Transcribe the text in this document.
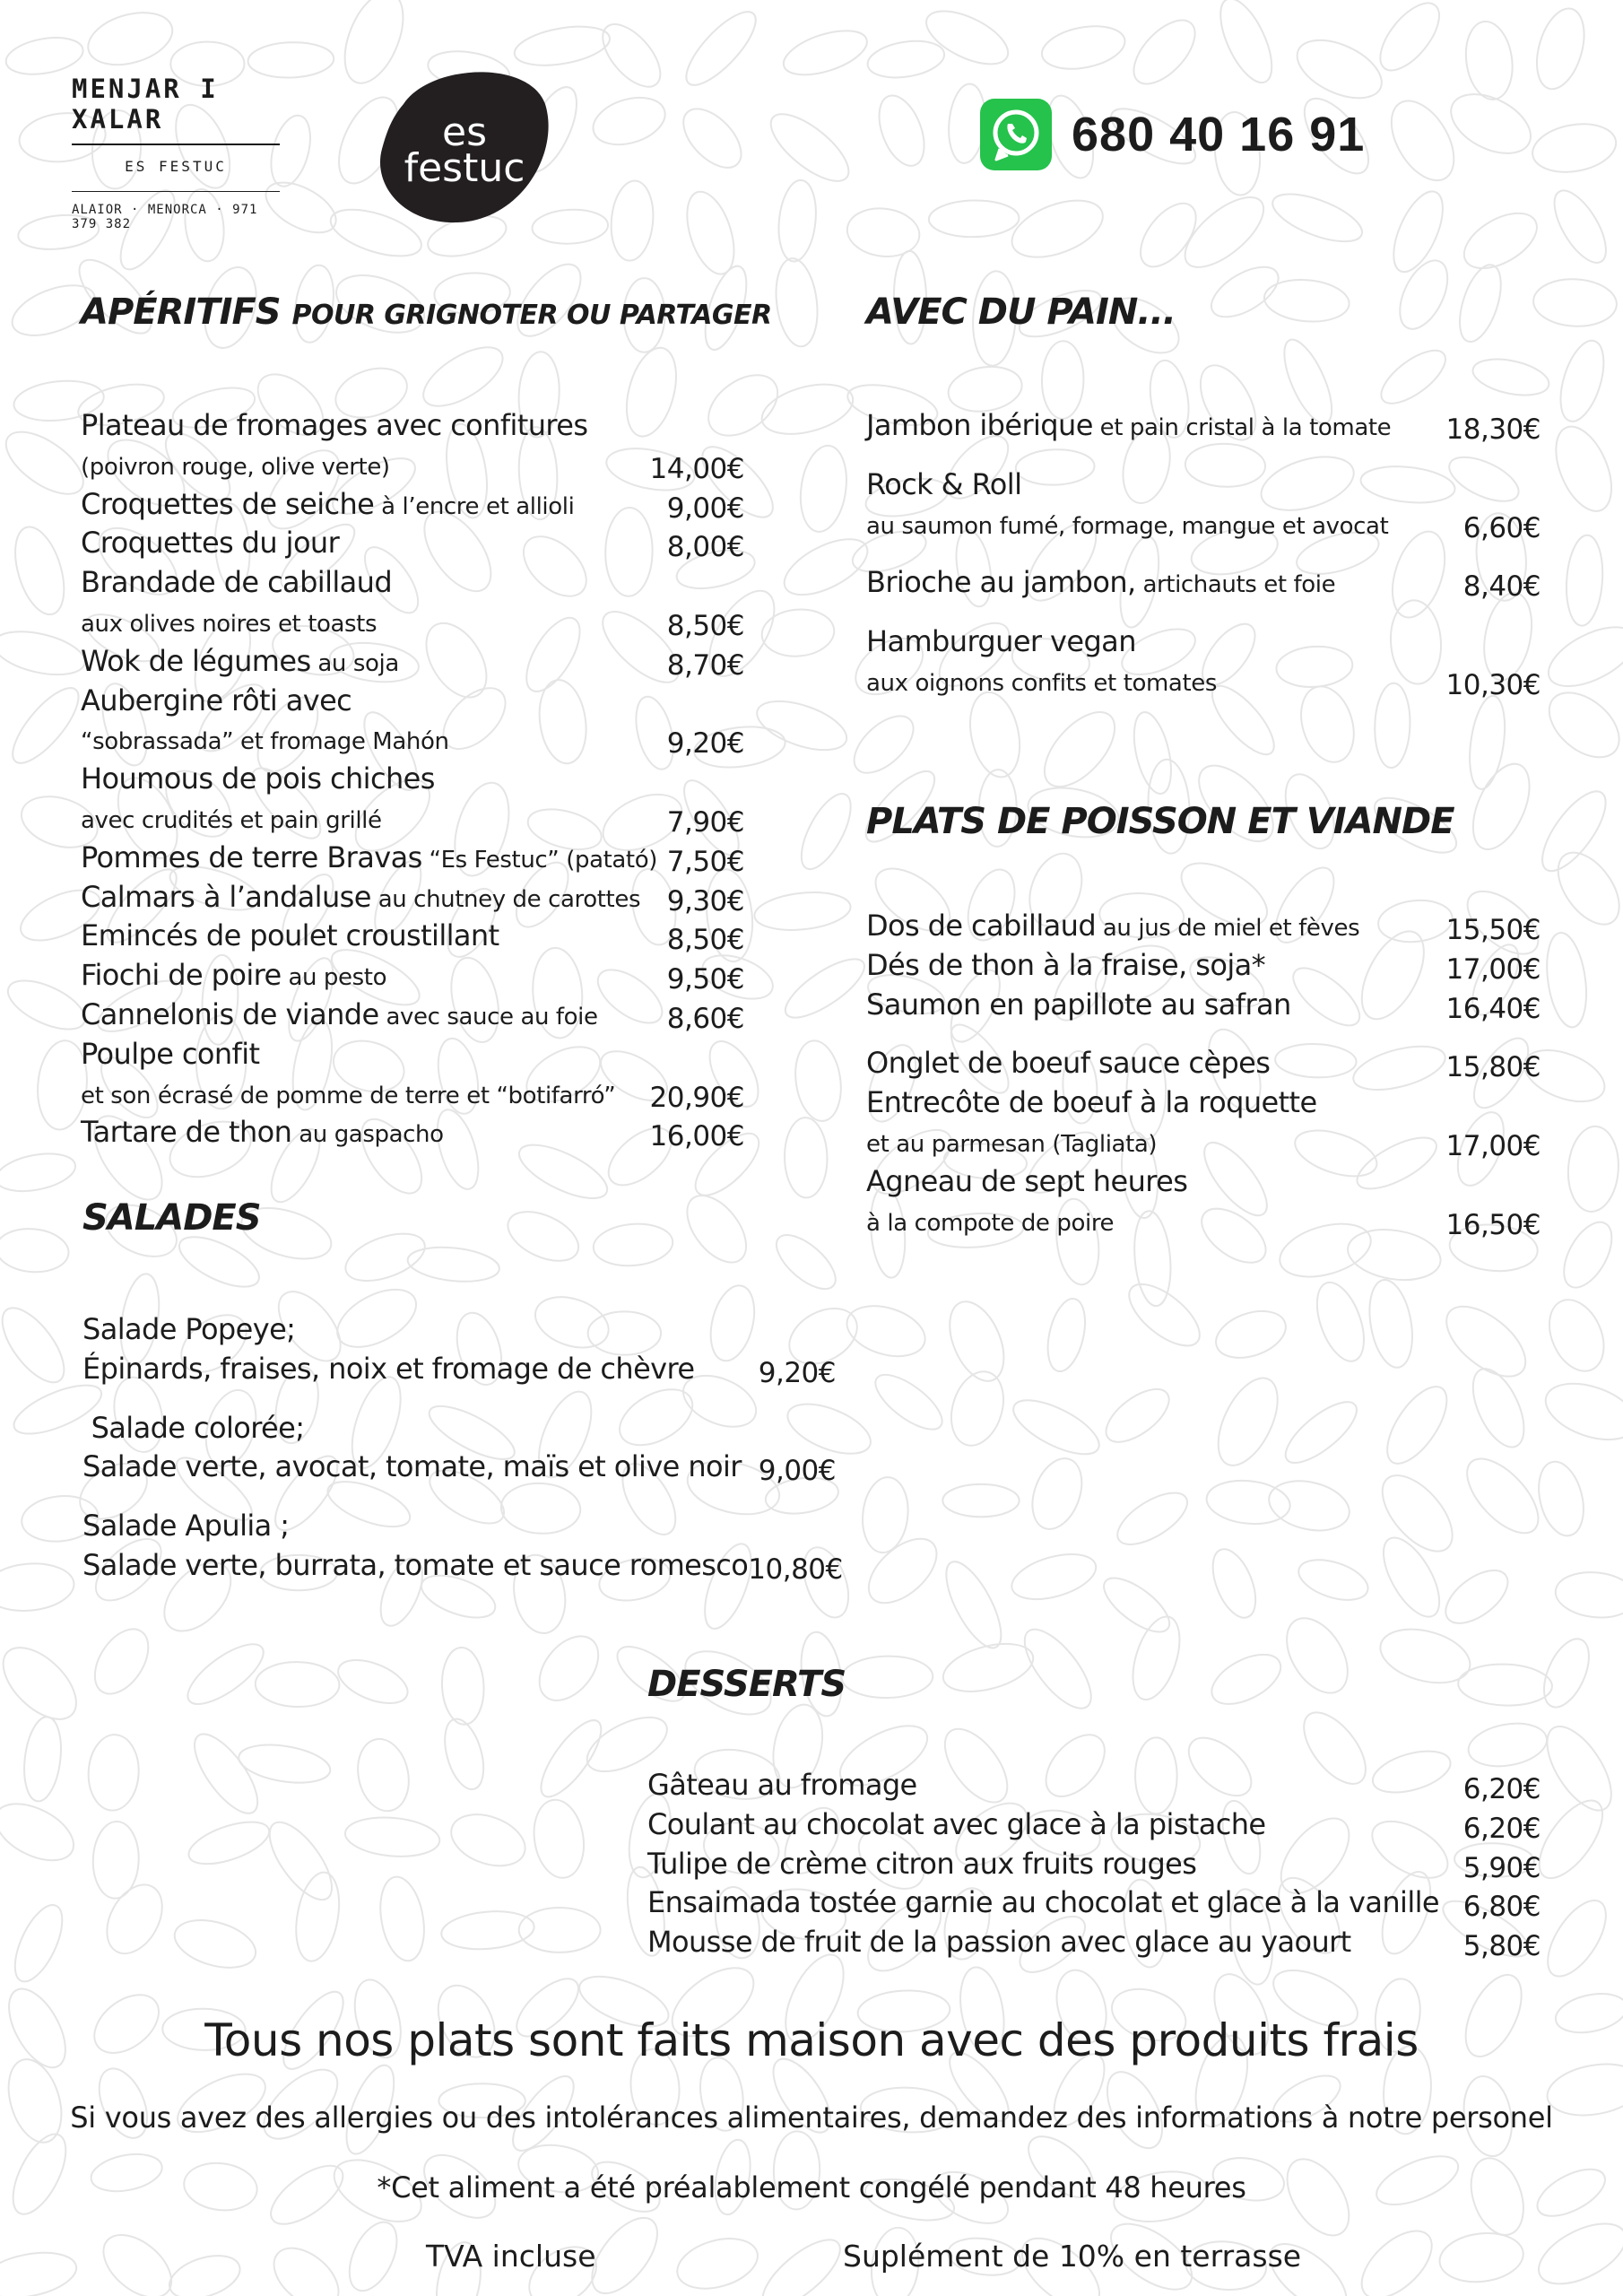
MENJAR I XALAR
ES FESTUC
ALAIOR · MENORCA · 971 379 382
es
festuc
680 40 16 91
APÉRITIFS POUR GRIGNOTER OU PARTAGER
Plateau de fromages avec confitures
(poivron rouge, olive verte)	14,00€
Croquettes de seiche à l’encre et allioli	9,00€
Croquettes du jour	8,00€
Brandade de cabillaud
aux olives noires et toasts	8,50€
Wok de légumes au soja	8,70€
Aubergine rôti avec
“sobrassada” et fromage Mahón	9,20€
Houmous de pois chiches
avec crudités et pain grillé	7,90€
Pommes de terre Bravas “Es Festuc” (patató) 7,50€
Calmars à l’andaluse au chutney de carottes 9,30€
Emincés de poulet croustillant	8,50€
Fiochi de poire au pesto	9,50€
Cannelonis de viande avec sauce au foie 8,60€
Poulpe confit
et son écrasé de pomme de terre et “botifarró” 20,90€
Tartare de thon au gaspacho	16,00€
AVEC DU PAIN...
Jambon ibérique et pain cristal à la tomate 18,30€
Rock & Roll
au saumon fumé, formage, mangue et avocat	6,60€
Brioche au jambon, artichauts et foie	8,40€
Hamburguer vegan
aux oignons confits et tomates	10,30€
PLATS DE POISSON ET VIANDE
Dos de cabillaud au jus de miel et fèves	15,50€
Dés de thon à la fraise, soja*	17,00€
Saumon en papillote au safran	16,40€
Onglet de boeuf sauce cèpes	15,80€
Entrecôte de boeuf à la roquette
et au parmesan (Tagliata)	17,00€
Agneau de sept heures
à la compote de poire	16,50€
SALADES
Salade Popeye;
Épinards, fraises, noix et fromage de chèvre 9,20€
Salade colorée;
Salade verte, avocat, tomate, maïs et olive noir 9,00€
Salade Apulia ;
Salade verte, burrata, tomate et sauce romesco 10,80€
DESSERTS
Gâteau au fromage	6,20€
Coulant au chocolat avec glace à la pistache	6,20€
Tulipe de crème citron aux fruits rouges	5,90€
Ensaimada tostée garnie au chocolat et glace à la vanille 6,80€
Mousse de fruit de la passion avec glace au yaourt	5,80€
Tous nos plats sont faits maison avec des produits frais
Si vous avez des allergies ou des intolérances alimentaires, demandez des informations à notre personel
*Cet aliment a été préalablement congélé pendant 48 heures
TVA incluse	Suplément de 10% en terrasse
